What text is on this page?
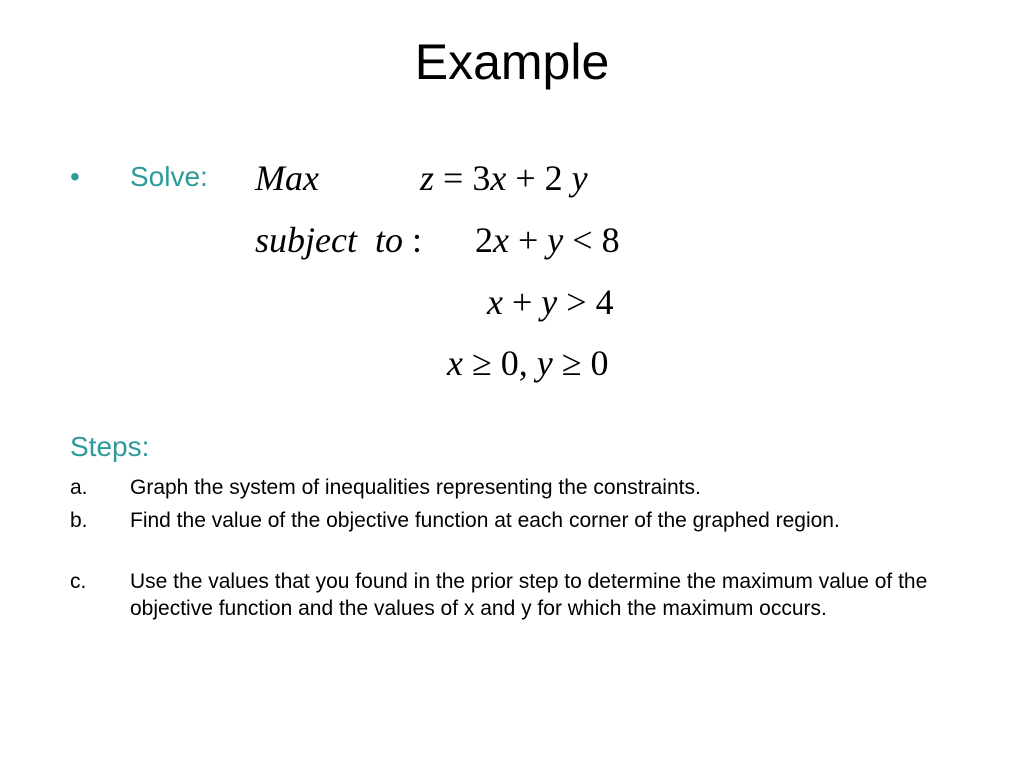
Example
• Solve: Max	z = 3x + 2 y
subject  to : 2x + y < 8
x + y > 4
x ≥ 0, y ≥ 0
Steps:
a. Graph the system of inequalities representing the constraints.
b. Find the value of the objective function at each corner of the graphed region.
c. Use the values that you found in the prior step to determine the maximum value of the objective function and the values of x and y for which the maximum occurs.
